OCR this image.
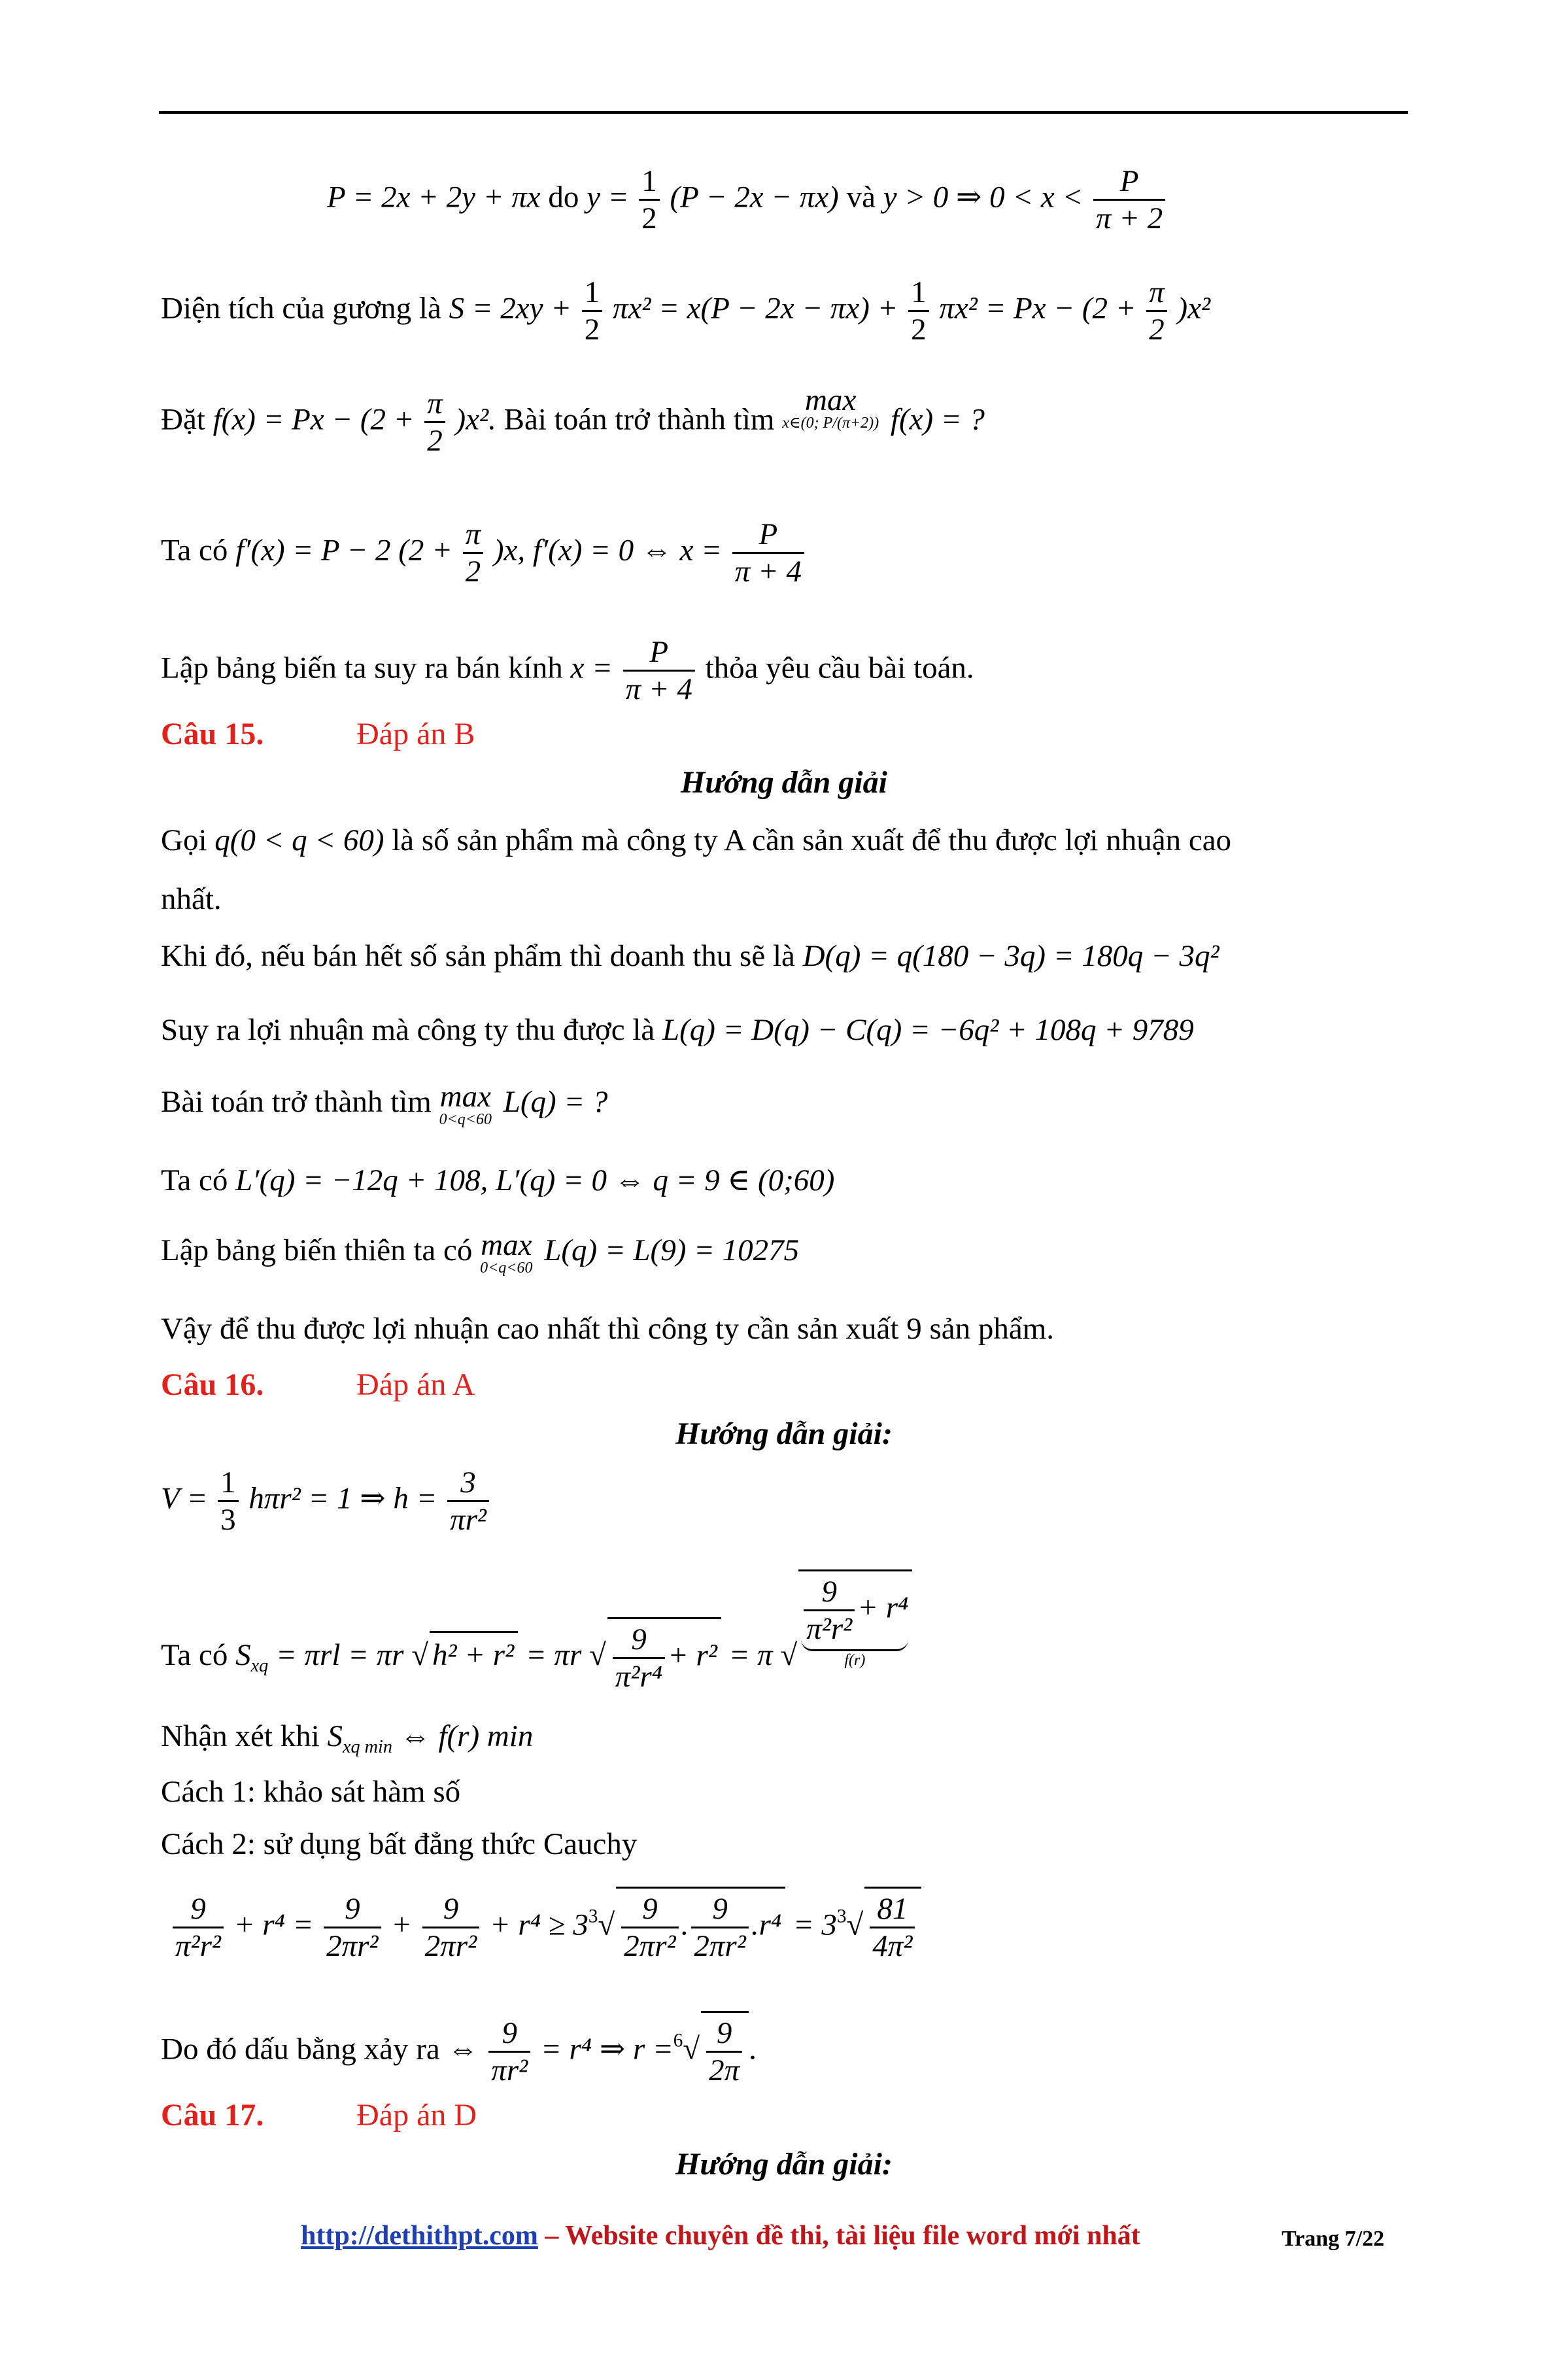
P = 2x + 2y + πx do $y = \frac{1}{2} (P - 2x - \pi x)$ và y > 0 ⇒ $0 < x < \frac{P}{\pi + 2}$
Diện tích của gương là $S = 2xy + \frac{1}{2} \pi x^2 = x(P - 2x - \pi x) + \frac{1}{2} \pi x^2 = Px - (2 + \frac{\pi}{2} )x^2$
Đặt $f(x) = Px - (2 + \frac{\pi}{2} )x^2$. Bài toán trở thành tìm max
x∈(0; P/(π+2)) f(x) = ?
Ta có f′(x) = P − 2 $(2 + \frac{\pi}{2} )x$, f′(x) = 0 ⇔ $x = \frac{P}{\pi + 4}$
Lập bảng biến ta suy ra bán kính $x = \frac{P}{\pi + 4}$ thỏa yêu cầu bài toán.
Câu 15.	Đáp án B
Hướng dẫn giải
Gọi q(0 < q < 60) là số sản phẩm mà công ty A cần sản xuất để thu được lợi nhuận cao
nhất.
Khi đó, nếu bán hết số sản phẩm thì doanh thu sẽ là D(q) = q(180 − 3q) = 180q − 3q²
Suy ra lợi nhuận mà công ty thu được là L(q) = D(q) − C(q) = −6q² + 108q + 9789
Bài toán trở thành tìm max
0<q<60
L(q) = ?
Ta có L′(q) = −12q + 108, L′(q) = 0 ⇔ q = 9 ∈ (0;60)
Lập bảng biến thiên ta có max
0<q<60
L(q) = L(9) = 10275
Vậy để thu được lợi nhuận cao nhất thì công ty cần sản xuất 9 sản phẩm.
Câu 16.	Đáp án A
Hướng dẫn giải:
$V = \frac{1}{3} h\pi r^2 = 1$ ⇒ $h = \frac{3}{\text{πr²}}$
Ta có $S_{xq} = \pi rl = \pi r$ √ h² + r² = πr √ $\frac{9}{\text{π²r⁴}} + r^2 = \pi$ √
$\frac{9}{\text{π²r²}} + r^4$
f(r)
Nhận xét khi $S_{xq min}$ ⇔ f(r) min
Cách 1: khảo sát hàm số
Cách 2: sử dụng bất đẳng thức Cauchy
$\frac{9}{\text{π²r²}} + r^4 = \frac{9}{\text{2πr²}} + \frac{9}{\text{2πr²}} + r^4 \ge 3^3√ \frac{9}{\text{2πr²}}$ . $\frac{9}{\text{2πr²}} .r^4 = 3^3√ \frac{81}{\text{4π²}}$
Do đó dấu bằng xảy ra ⇔ $\frac{9}{\text{πr²}} = r^4$ ⇒ $r =^6√ \frac{9}{2\pi}$ .
Câu 17.	Đáp án D
Hướng dẫn giải:
http://dethithpt.com – Website chuyên đề thi, tài liệu file word mới nhất	Trang 7/22
